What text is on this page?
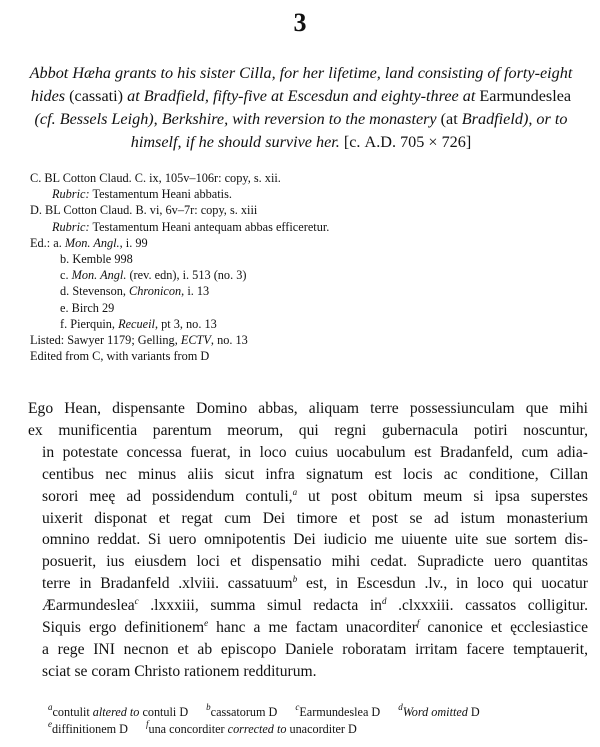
3
Abbot Hæha grants to his sister Cilla, for her lifetime, land consisting of forty-eight hides (cassati) at Bradfield, fifty-five at Escesdun and eighty-three at Earmundeslea (cf. Bessels Leigh), Berkshire, with reversion to the monastery (at Bradfield), or to himself, if he should survive her. [c. A.D. 705 × 726]
C. BL Cotton Claud. C. ix, 105v–106r: copy, s. xii.
Rubric: Testamentum Heani abbatis.
D. BL Cotton Claud. B. vi, 6v–7r: copy, s. xiii
Rubric: Testamentum Heani antequam abbas efficeretur.
Ed.: a. Mon. Angl., i. 99
b. Kemble 998
c. Mon. Angl. (rev. edn), i. 513 (no. 3)
d. Stevenson, Chronicon, i. 13
e. Birch 29
f. Pierquin, Recueil, pt 3, no. 13
Listed: Sawyer 1179; Gelling, ECTV, no. 13
Edited from C, with variants from D
Ego Hean, dispensante Domino abbas, aliquam terre possessiunculam que mihi
ex munificentia parentum meorum, qui regni gubernacula potiri noscuntur,
in potestate concessa fuerat, in loco cuius uocabulum est Bradanfeld, cum adia-
centibus nec minus aliis sicut infra signatum est locis ac conditione, Cillan
sorori meę ad possidendum contuli,$^a$ ut post obitum meum si ipsa superstes
uixerit disponat et regat cum Dei timore et post se ad istum monasterium
omnino reddat. Si uero omnipotentis Dei iudicio me uiuente uite sue sortem dis-
posuerit, ius eiusdem loci et dispensatio mihi cedat. Supradicte uero quantitas
terre in Bradanfeld .xlviii. cassatuum$^b$ est, in Escesdun .lv., in loco qui uocatur
Æarmundeslea$^c$ .lxxxiii, summa simul redacta $in^d$ .clxxxiii. cassatos colligitur.
Siquis ergo definitionem$^e$ hanc a me factam unacorditer$^f$ canonice et ęcclesiastice
a rege INI necnon et ab episcopo Daniele roboratam irritam facere temptauerit,
sciat se coram Christo rationem redditurum.
$^a$contulit altered to contuli D $^b$cassatorum D $^c$Earmundeslea D $^d$Word omitted D
$^e$diffinitionem D $^f$una concorditer corrected to unacorditer D
